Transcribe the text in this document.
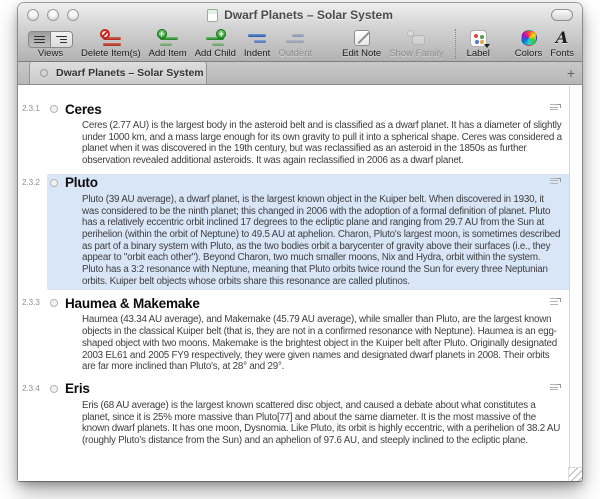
Dwarf Planets – Solar System
Views Delete Item(s)
+
Add Item
+
Add Child Indent Outdent	Edit Note Show Family Label	Colors
A
Fonts
Dwarf Planets – Solar System	+
2.3.1	Ceres
Ceres (2.77 AU) is the largest body in the asteroid belt and is classified as a dwarf planet. It has a diameter of slightly under 1000 km, and a mass large enough for its own gravity to pull it into a spherical shape. Ceres was considered a planet when it was discovered in the 19th century, but was reclassified as an asteroid in the 1850s as further observation revealed additional asteroids. It was again reclassified in 2006 as a dwarf planet.
2.3.2	Pluto
Pluto (39 AU average), a dwarf planet, is the largest known object in the Kuiper belt. When discovered in 1930, it was considered to be the ninth planet; this changed in 2006 with the adoption of a formal definition of planet. Pluto has a relatively eccentric orbit inclined 17 degrees to the ecliptic plane and ranging from 29.7 AU from the Sun at perihelion (within the orbit of Neptune) to 49.5 AU at aphelion. Charon, Pluto's largest moon, is sometimes described as part of a binary system with Pluto, as the two bodies orbit a barycenter of gravity above their surfaces (i.e., they appear to "orbit each other"). Beyond Charon, two much smaller moons, Nix and Hydra, orbit within the system. Pluto has a 3:2 resonance with Neptune, meaning that Pluto orbits twice round the Sun for every three Neptunian orbits. Kuiper belt objects whose orbits share this resonance are called plutinos.
2.3.3	Haumea & Makemake
Haumea (43.34 AU average), and Makemake (45.79 AU average), while smaller than Pluto, are the largest known objects in the classical Kuiper belt (that is, they are not in a confirmed resonance with Neptune). Haumea is an egg-shaped object with two moons. Makemake is the brightest object in the Kuiper belt after Pluto. Originally designated 2003 EL61 and 2005 FY9 respectively, they were given names and designated dwarf planets in 2008. Their orbits are far more inclined than Pluto's, at 28° and 29°.
2.3.4	Eris
Eris (68 AU average) is the largest known scattered disc object, and caused a debate about what constitutes a planet, since it is 25% more massive than Pluto[77] and about the same diameter. It is the most massive of the known dwarf planets. It has one moon, Dysnomia. Like Pluto, its orbit is highly eccentric, with a perihelion of 38.2 AU (roughly Pluto's distance from the Sun) and an aphelion of 97.6 AU, and steeply inclined to the ecliptic plane.
